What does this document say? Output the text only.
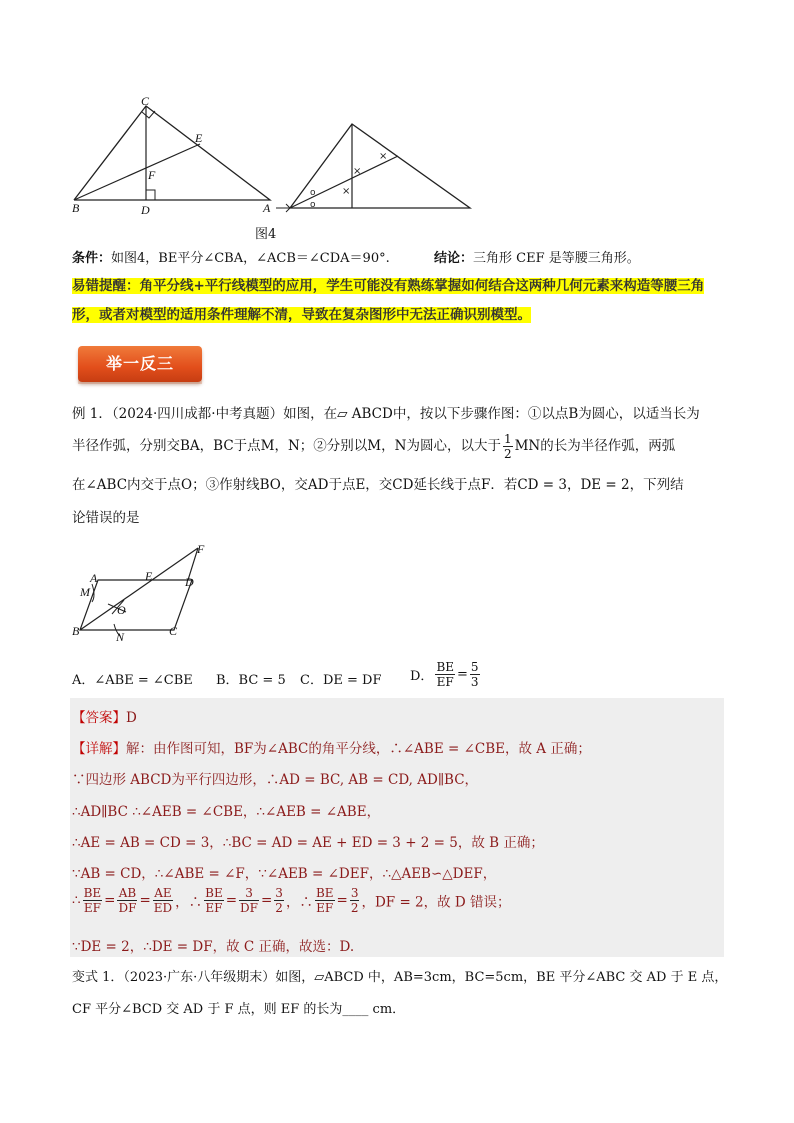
C
E
F
B	D	A
o
o
×
×
×
图4
条件：如图4，BE平分∠CBA，∠ACB＝∠CDA＝90°.	结论：三角形 CEF 是等腰三角形。
易错提醒：角平分线+平行线模型的应用，学生可能没有熟练掌握如何结合这两种几何元素来构造等腰三角
形，或者对模型的适用条件理解不清，导致在复杂图形中无法正确识别模型。
举一反三
例 1．（2024·四川成都·中考真题）如图，在▱ ABCD中，按以下步骤作图：①以点B为圆心，以适当长为
半径作弧，分别交BA，BC于点M，N；②分别以M，N为圆心，以大于 $\frac{1}{2}$ MN的长为半径作弧，两弧
在∠ABC内交于点O；③作射线BO，交AD于点E，交CD延长线于点F．若CD = 3，DE = 2，下列结
论错误的是
A	E	D
F
M
O
B	N	C
A．∠ABE = ∠CBE B．BC = 5 C．DE = DF D． $\frac{BE}{EF} = \frac{5}{3}$
【答案】D
【详解】解：由作图可知，BF为∠ABC的角平分线，∴∠ABE = ∠CBE，故 A 正确；
∵四边形 ABCD为平行四边形，∴AD = BC, AB = CD, AD∥BC，
∴AD∥BC ∴∠AEB = ∠CBE，∴∠AEB = ∠ABE，
∴AE = AB = CD = 3，∴BC = AD = AE + ED = 3 + 2 = 5，故 B 正确；
∵AB = CD，∴∠ABE = ∠F，∵∠AEB = ∠DEF，∴△AEB∽△DEF，
∴ $\frac{BE}{EF} = \frac{AB}{DF} = \frac{AE}{ED}$ ，∴ $\frac{BE}{EF} = \frac{3}{DF} = \frac{3}{2}$ ，∴ $\frac{BE}{EF} = \frac{3}{2}$ ，DF = 2，故 D 错误；
∵DE = 2，∴DE = DF，故 C 正确，故选：D.
变式 1．（2023·广东·八年级期末）如图，▱ABCD 中，AB=3cm，BC=5cm，BE 平分∠ABC 交 AD 于 E 点，
CF 平分∠BCD 交 AD 于 F 点，则 EF 的长为____ cm．
